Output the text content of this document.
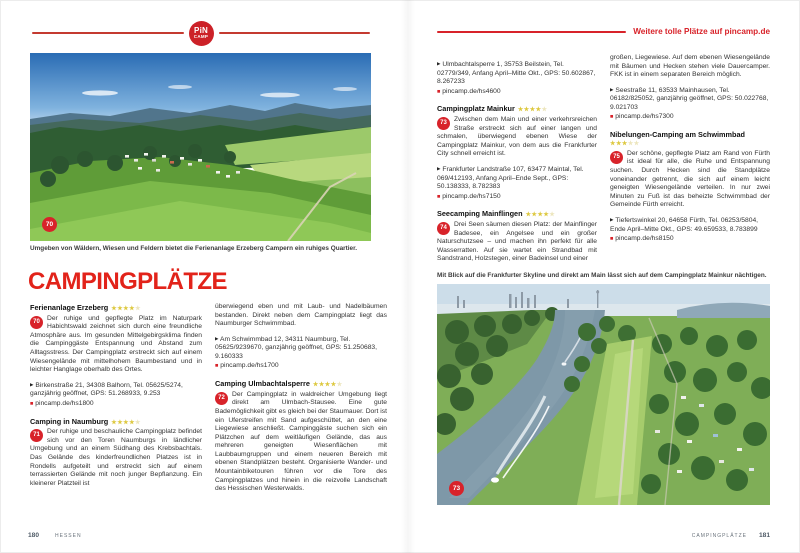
PiN
CAMP
70
Umgeben von Wäldern, Wiesen und Feldern bietet die Ferienanlage Erzeberg Campern ein ruhiges Quartier.
CAMPINGPLÄTZE
Ferienanlage Erzeberg ★★★★★
70	Der ruhige und gepflegte Platz im Naturpark Habichtswald zeichnet sich durch eine freundliche Atmosphäre aus. Im gesunden Mittelgebirgsklima finden die Campinggäste Entspannung und Abstand zum Alltagsstress. Der Campingplatz erstreckt sich auf einem Wiesengelände mit mittelhohem Baumbestand und in leichter Hanglage oberhalb des Ortes.
▶ Birkenstraße 21, 34308 Balhorn, Tel. 05625/5274, ganzjährig geöffnet, GPS: 51.268933, 9.253
■ pincamp.de/hs1800
Camping in Naumburg ★★★★★
71	Der ruhige und beschauliche Campingplatz befindet sich vor den Toren Naumburgs in ländlicher Umgebung und an einem Südhang des Krebsbachtals. Das Gelände des kinderfreundlichen Platzes ist in Rondells aufgeteilt und erstreckt sich auf einem terrassierten Gelände mit noch junger Bepflanzung. Ein kleinerer Platzteil ist
überwiegend eben und mit Laub- und Nadelbäumen bestanden. Direkt neben dem Campingplatz liegt das Naumburger Schwimmbad.
▶ Am Schwimmbad 12, 34311 Naumburg, Tel. 05625/9239670, ganzjährig geöffnet, GPS: 51.250683, 9.160333
■ pincamp.de/hs1700
Camping Ulmbachtalsperre ★★★★★
72	Der Campingplatz in waldreicher Umgebung liegt direkt am Ulmbach-Stausee. Eine gute Bademöglichkeit gibt es gleich bei der Staumauer. Dort ist ein Uferstreifen mit Sand aufgeschüttet, an den eine Liegewiese anschließt. Campinggäste suchen sich ein Plätzchen auf dem weitläufigen Gelände, das aus mehreren geneigten Wiesenflächen mit Laubbaumgruppen und einem neueren Bereich mit ebenen Standplätzen besteht. Organisierte Wander- und Mountainbiketouren führen vor die Tore des Campingplatzes und hinein in die reizvolle Landschaft des Hessischen Westerwalds.
180	HESSEN
Weitere tolle Plätze auf pincamp.de
▶ Ulmbachtalsperre 1, 35753 Beilstein, Tel. 02779/349, Anfang April–Mitte Okt., GPS: 50.602867, 8.267233
■ pincamp.de/hs4600
Campingplatz Mainkur ★★★★★
73	Zwischen dem Main und einer verkehrsreichen Straße erstreckt sich auf einer langen und schmalen, überwiegend ebenen Wiese der Campingplatz Mainkur, von dem aus die Frankfurter City schnell erreicht ist.
▶ Frankfurter Landstraße 107, 63477 Maintal, Tel. 069/412193, Anfang April–Ende Sept., GPS: 50.138333, 8.782383
■ pincamp.de/hs7150
Seecamping Mainflingen ★★★★★
74	Drei Seen säumen diesen Platz: der Mainflinger Badesee, ein Angelsee und ein großer Naturschutzsee – und machen ihn perfekt für alle Wasserratten. Auf sie wartet ein Strandbad mit Sandstrand, Holzstegen, einer Badeinsel und einer
großen, Liegewiese. Auf dem ebenen Wiesengelände mit Bäumen und Hecken stehen viele Dauercamper. FKK ist in einem separaten Bereich möglich.
▶ Seestraße 11, 63533 Mainhausen, Tel. 06182/825052, ganzjährig geöffnet, GPS: 50.022768, 9.021703
■ pincamp.de/hs7300
Nibelungen-Camping am Schwimmbad
★★★★★
75	Der schöne, gepflegte Platz am Rand von Fürth ist ideal für alle, die Ruhe und Entspannung suchen. Durch Hecken sind die Standplätze voneinander getrennt, die sich auf einem leicht geneigten Wiesengelände verteilen. In nur zwei Minuten zu Fuß ist das beheizte Schwimmbad der Gemeinde Fürth erreicht.
▶ Tiefertswinkel 20, 64658 Fürth, Tel. 06253/5804, Ende April–Mitte Okt., GPS: 49.659533, 8.783899
■ pincamp.de/hs8150
Mit Blick auf die Frankfurter Skyline und direkt am Main lässt sich auf dem Campingplatz Mainkur nächtigen.
73
CAMPINGPLÄTZE 181
